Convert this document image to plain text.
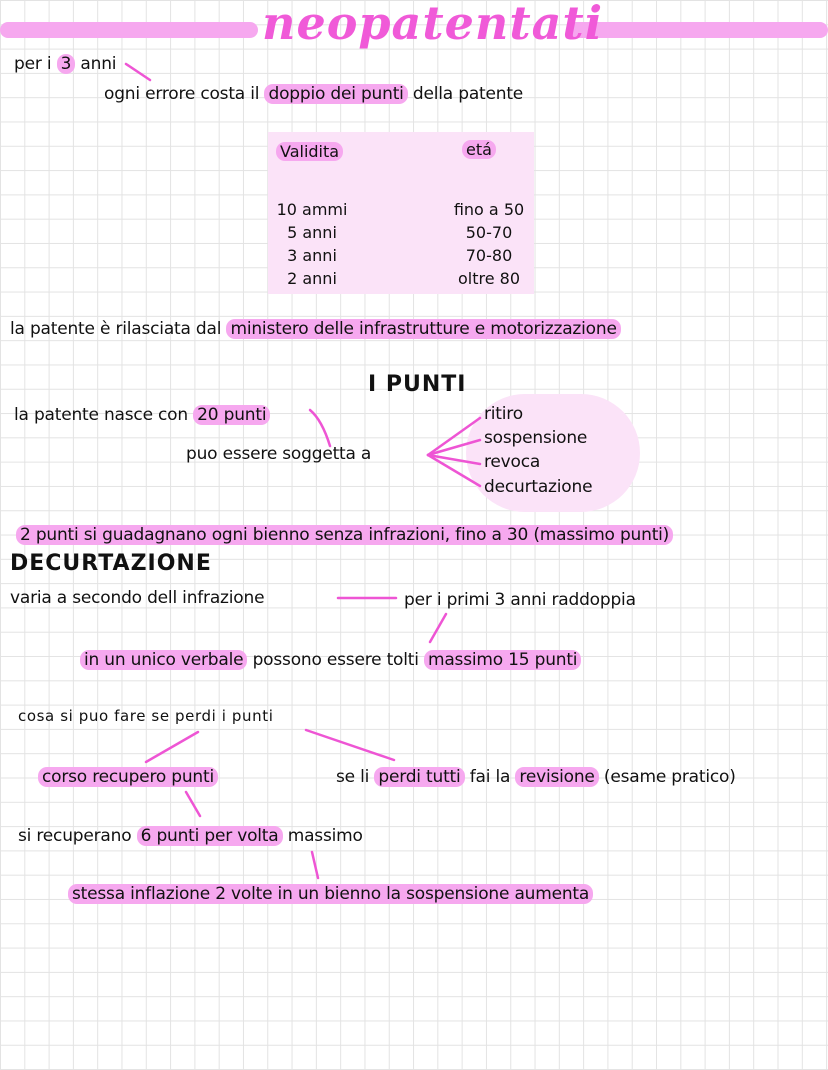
neopatentati
per i 3 anni
ogni errore costa il doppio dei punti della patente
Validita	etá
10 ammi	fino a 50
5 anni	50-70
3 anni	70-80
2 anni	oltre 80
la patente è rilasciata dal ministero delle infrastrutture e motorizzazione
I PUNTI
la patente nasce con 20 punti
puo essere soggetta a
ritiro
sospensione
revoca
decurtazione
2 punti si guadagnano ogni bienno senza infrazioni, fino a 30 (massimo punti)
DECURTAZIONE
varia a secondo dell infrazione	per i primi 3 anni raddoppia
in un unico verbale possono essere tolti massimo 15 punti
cosa si puo fare se perdi i punti
corso recupero punti	se li perdi tutti fai la revisione (esame pratico)
si recuperano 6 punti per volta massimo
stessa inflazione 2 volte in un bienno la sospensione aumenta
